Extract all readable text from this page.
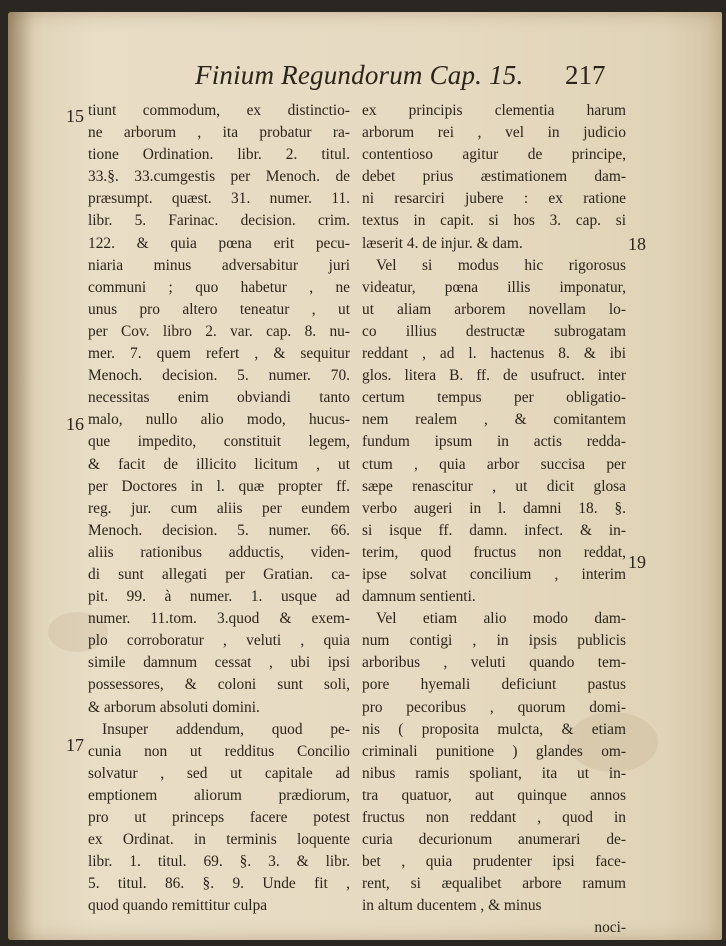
Finium Regundorum Cap. 15. 217
15
16
17
18
19
tiunt commodum, ex distinctio-
ne arborum , ita probatur ra-
tione Ordination. libr. 2. titul.
33.§. 33.cumgestis per Menoch. de
præsumpt. quæst. 31. numer. 11.
libr. 5. Farinac. decision. crim.
122. & quia pœna erit pecu-
niaria minus adversabitur juri
communi ; quo habetur , ne
unus pro altero teneatur , ut
per Cov. libro 2. var. cap. 8. nu-
mer. 7. quem refert , & sequitur
Menoch. decision. 5. numer. 70.
necessitas enim obviandi tanto
malo, nullo alio modo, hucus-
que impedito, constituit legem,
& facit de illicito licitum , ut
per Doctores in l. quæ propter ff.
reg. jur. cum aliis per eundem
Menoch. decision. 5. numer. 66.
aliis rationibus adductis, viden-
di sunt allegati per Gratian. ca-
pit. 99. à numer. 1. usque ad
numer. 11.tom. 3.quod & exem-
plo corroboratur , veluti , quia
simile damnum cessat , ubi ipsi
possessores, & coloni sunt soli,
& arborum absoluti domini.
Insuper addendum, quod pe-
cunia non ut redditus Concilio
solvatur , sed ut capitale ad
emptionem aliorum prædiorum,
pro ut princeps facere potest
ex Ordinat. in terminis loquente
libr. 1. titul. 69. §. 3. & libr.
5. titul. 86. §. 9. Unde fit ,
quod quando remittitur culpa
ex principis clementia harum
arborum rei , vel in judicio
contentioso agitur de principe,
debet prius æstimationem dam-
ni resarciri jubere : ex ratione
textus in capit. si hos 3. cap. si
læserit 4. de injur. & dam.
Vel si modus hic rigorosus
videatur, pœna illis imponatur,
ut aliam arborem novellam lo-
co illius destructæ subrogatam
reddant , ad l. hactenus 8. & ibi
glos. litera B. ff. de usufruct. inter
certum tempus per obligatio-
nem realem , & comitantem
fundum ipsum in actis redda-
ctum , quia arbor succisa per
sæpe renascitur , ut dicit glosa
verbo augeri in l. damni 18. §.
si isque ff. damn. infect. & in-
terim, quod fructus non reddat,
ipse solvat concilium , interim
damnum sentienti.
Vel etiam alio modo dam-
num contigi , in ipsis publicis
arboribus , veluti quando tem-
pore hyemali deficiunt pastus
pro pecoribus , quorum domi-
nis ( proposita mulcta, & etiam
criminali punitione ) glandes om-
nibus ramis spoliant, ita ut in-
tra quatuor, aut quinque annos
fructus non reddant , quod in
curia decurionum anumerari de-
bet , quia prudenter ipsi face-
rent, si æqualibet arbore ramum
in altum ducentem , & minus
noci-
